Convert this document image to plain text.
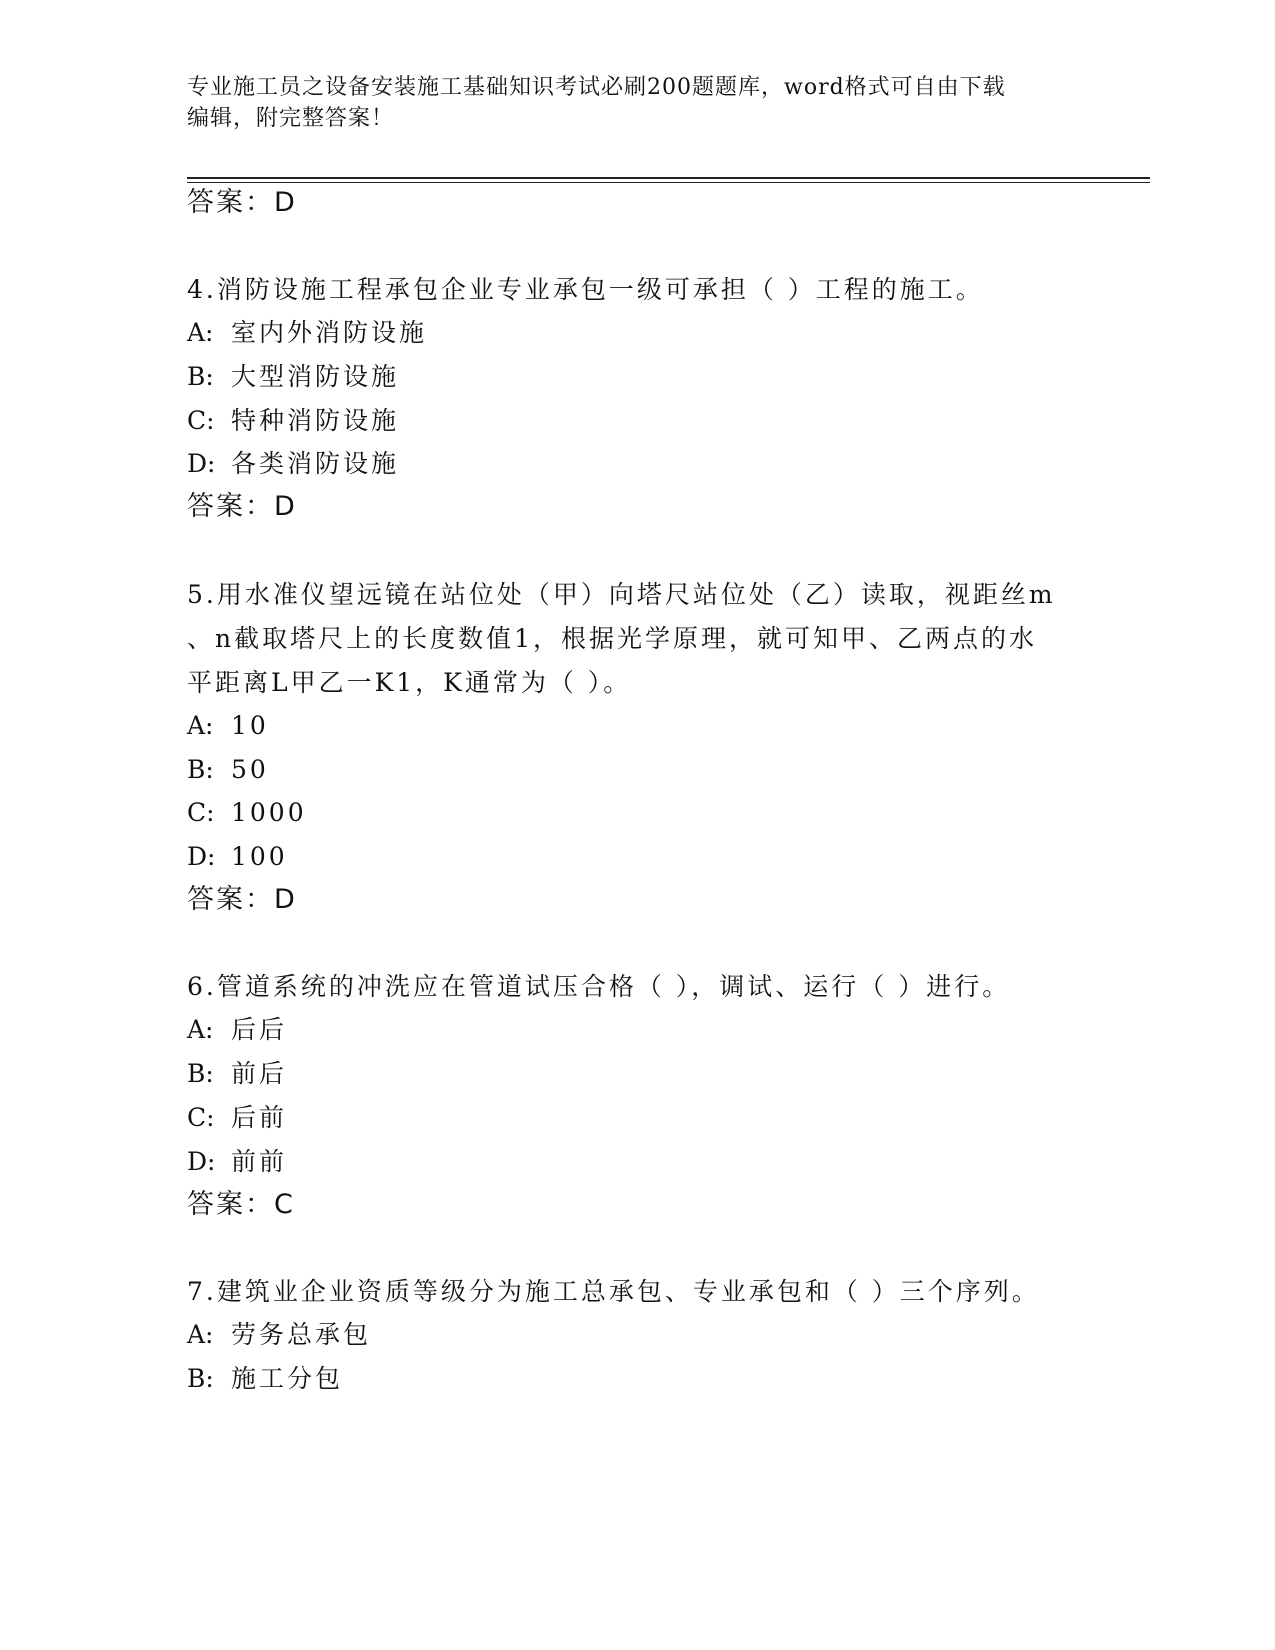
专业施工员之设备安装施工基础知识考试必刷200题题库，word格式可自由下载
编辑，附完整答案！
答案：D
4.消防设施工程承包企业专业承包一级可承担（ ）工程的施工。
A: 室内外消防设施
B: 大型消防设施
C: 特种消防设施
D: 各类消防设施
答案：D
5.用水准仪望远镜在站位处（甲）向塔尺站位处（乙）读取，视距丝m
、n截取塔尺上的长度数值1，根据光学原理，就可知甲、乙两点的水
平距离L甲乙一K1，K通常为（ ）。
A: 10
B: 50
C: 1000
D: 100
答案：D
6.管道系统的冲洗应在管道试压合格（ ），调试、运行（ ）进行。
A: 后后
B: 前后
C: 后前
D: 前前
答案：C
7.建筑业企业资质等级分为施工总承包、专业承包和（ ）三个序列。
A: 劳务总承包
B: 施工分包
